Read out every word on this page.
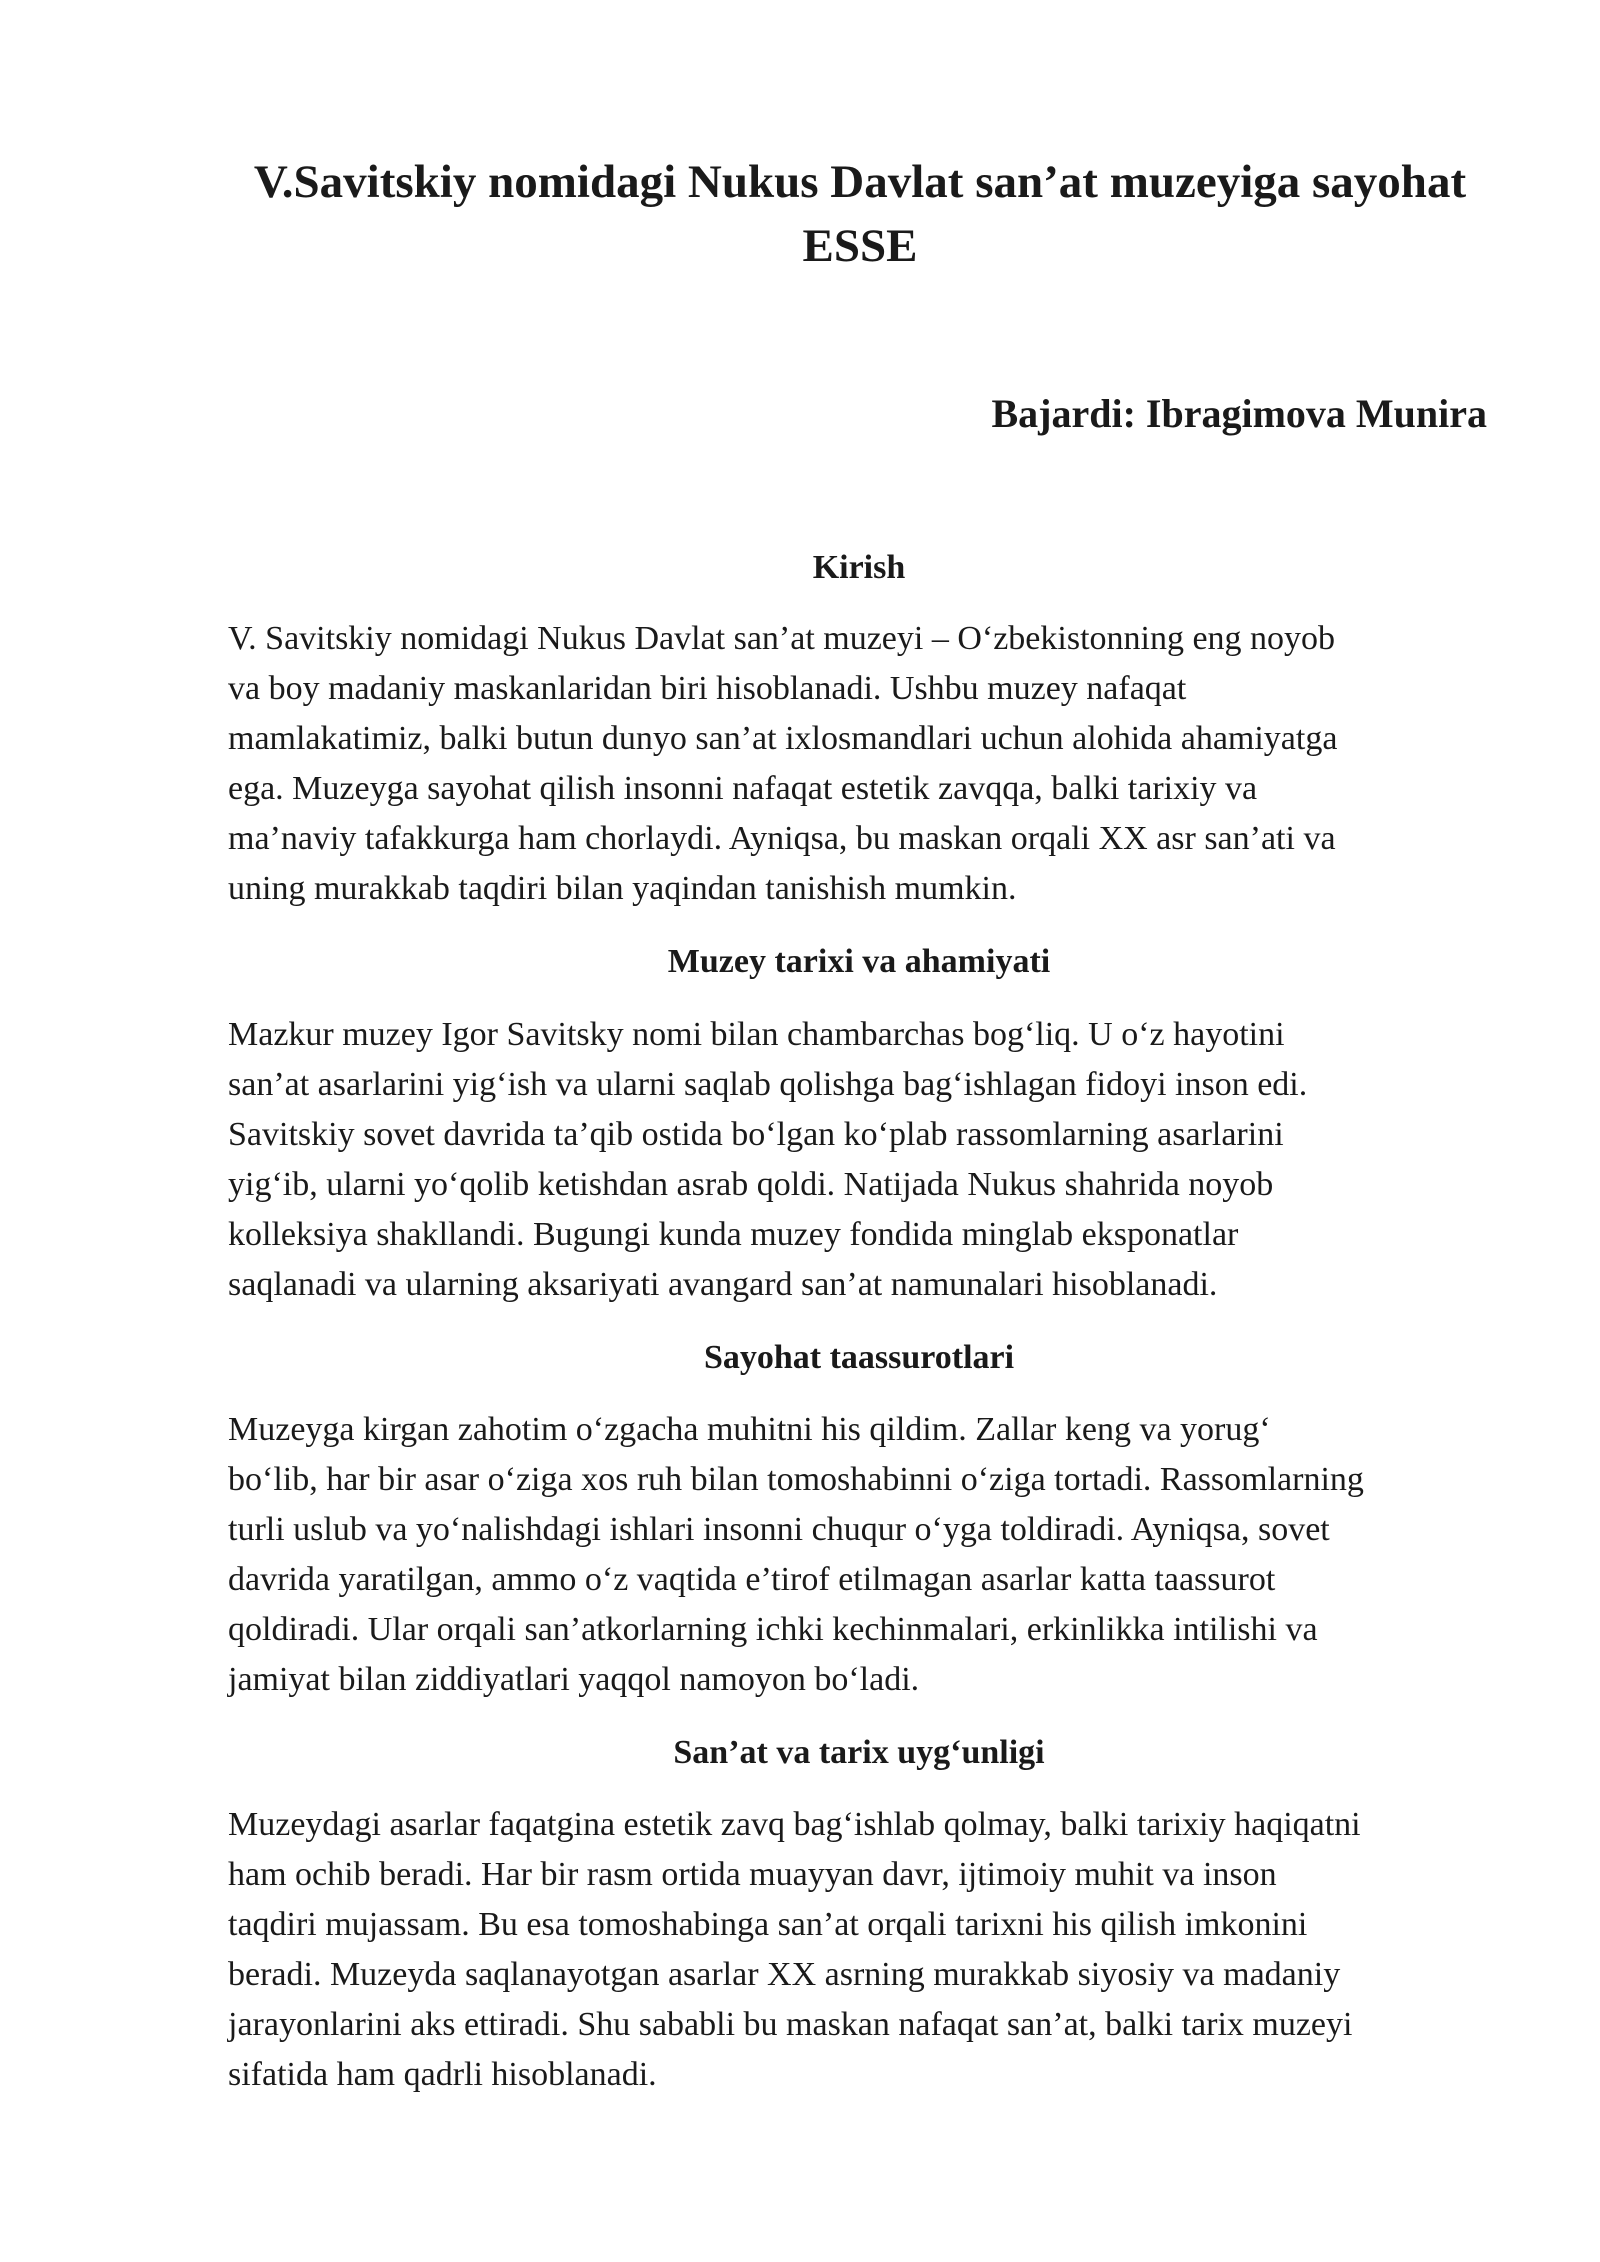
V.Savitskiy nomidagi Nukus Davlat san’at muzeyiga sayohat
ESSE

Bajardi: Ibragimova Munira

Kirish
V. Savitskiy nomidagi Nukus Davlat san’at muzeyi – O‘zbekistonning eng noyob
va boy madaniy maskanlaridan biri hisoblanadi. Ushbu muzey nafaqat
mamlakatimiz, balki butun dunyo san’at ixlosmandlari uchun alohida ahamiyatga
ega. Muzeyga sayohat qilish insonni nafaqat estetik zavqqa, balki tarixiy va
ma’naviy tafakkurga ham chorlaydi. Ayniqsa, bu maskan orqali XX asr san’ati va
uning murakkab taqdiri bilan yaqindan tanishish mumkin.
Muzey tarixi va ahamiyati
Mazkur muzey Igor Savitsky nomi bilan chambarchas bog‘liq. U o‘z hayotini
san’at asarlarini yig‘ish va ularni saqlab qolishga bag‘ishlagan fidoyi inson edi.
Savitskiy sovet davrida ta’qib ostida bo‘lgan ko‘plab rassomlarning asarlarini
yig‘ib, ularni yo‘qolib ketishdan asrab qoldi. Natijada Nukus shahrida noyob
kolleksiya shakllandi. Bugungi kunda muzey fondida minglab eksponatlar
saqlanadi va ularning aksariyati avangard san’at namunalari hisoblanadi.
Sayohat taassurotlari
Muzeyga kirgan zahotim o‘zgacha muhitni his qildim. Zallar keng va yorug‘
bo‘lib, har bir asar o‘ziga xos ruh bilan tomoshabinni o‘ziga tortadi. Rassomlarning
turli uslub va yo‘nalishdagi ishlari insonni chuqur o‘yga toldiradi. Ayniqsa, sovet
davrida yaratilgan, ammo o‘z vaqtida e’tirof etilmagan asarlar katta taassurot
qoldiradi. Ular orqali san’atkorlarning ichki kechinmalari, erkinlikka intilishi va
jamiyat bilan ziddiyatlari yaqqol namoyon bo‘ladi.
San’at va tarix uyg‘unligi
Muzeydagi asarlar faqatgina estetik zavq bag‘ishlab qolmay, balki tarixiy haqiqatni
ham ochib beradi. Har bir rasm ortida muayyan davr, ijtimoiy muhit va inson
taqdiri mujassam. Bu esa tomoshabinga san’at orqali tarixni his qilish imkonini
beradi. Muzeyda saqlanayotgan asarlar XX asrning murakkab siyosiy va madaniy
jarayonlarini aks ettiradi. Shu sababli bu maskan nafaqat san’at, balki tarix muzeyi
sifatida ham qadrli hisoblanadi.
